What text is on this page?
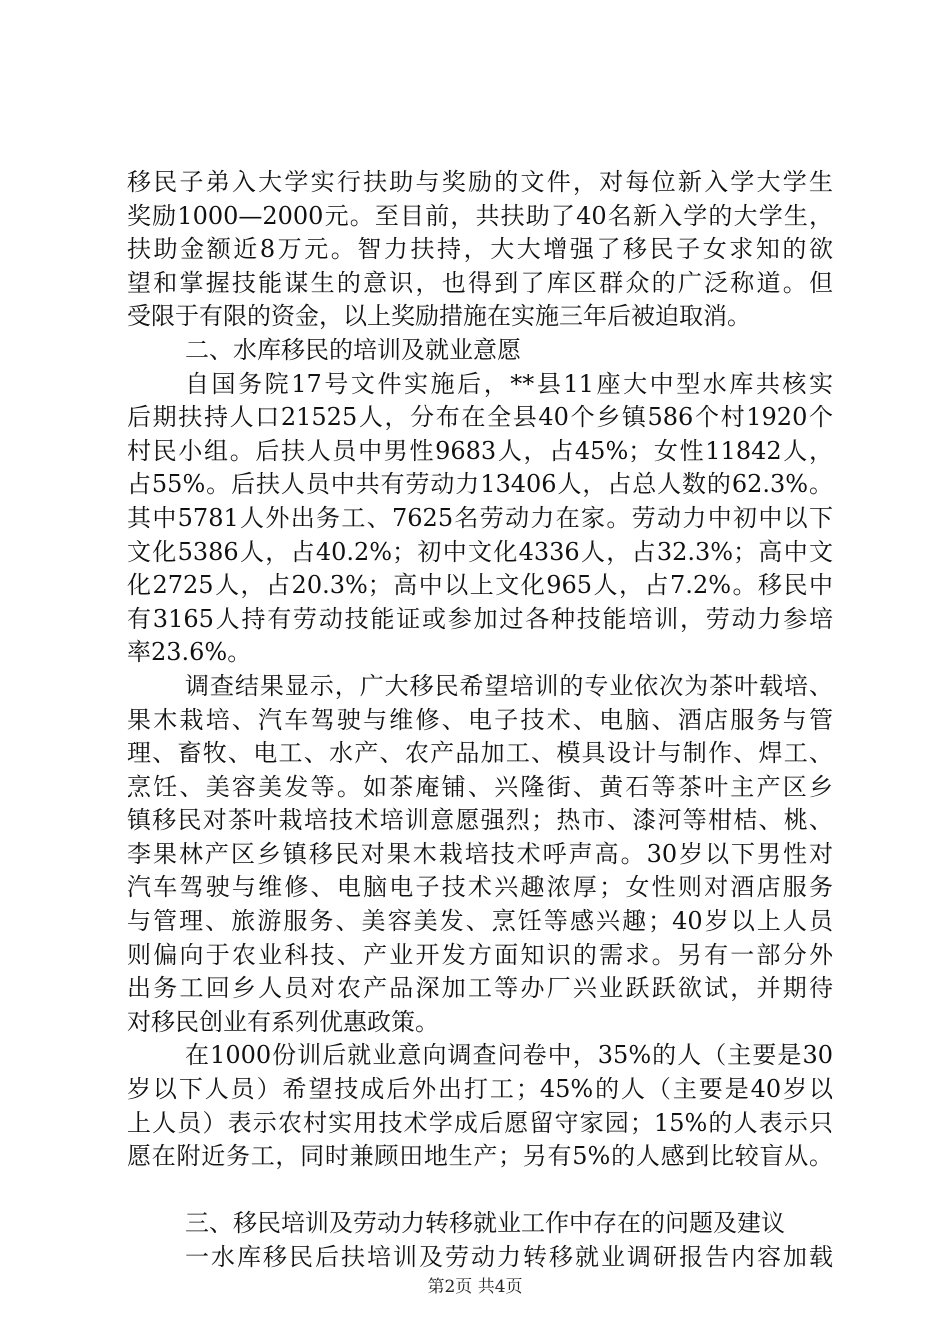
移民子弟入大学实行扶助与奖励的文件，对每位新入学大学生
奖励1000—2000元。至目前，共扶助了40名新入学的大学生，
扶助金额近8万元。智力扶持，大大增强了移民子女求知的欲
望和掌握技能谋生的意识，也得到了库区群众的广泛称道。但
受限于有限的资金，以上奖励措施在实施三年后被迫取消。
二、水库移民的培训及就业意愿
自国务院17号文件实施后，**县11座大中型水库共核实
后期扶持人口21525人，分布在全县40个乡镇586个村1920个
村民小组。后扶人员中男性9683人，占45%；女性11842人，
占55%。后扶人员中共有劳动力13406人，占总人数的62.3%。
其中5781人外出务工、7625名劳动力在家。劳动力中初中以下
文化5386人，占40.2%；初中文化4336人，占32.3%；高中文
化2725人，占20.3%；高中以上文化965人，占7.2%。移民中
有3165人持有劳动技能证或参加过各种技能培训，劳动力参培
率23.6%。
调查结果显示，广大移民希望培训的专业依次为茶叶载培、
果木栽培、汽车驾驶与维修、电子技术、电脑、酒店服务与管
理、畜牧、电工、水产、农产品加工、模具设计与制作、焊工、
烹饪、美容美发等。如茶庵铺、兴隆街、黄石等茶叶主产区乡
镇移民对茶叶栽培技术培训意愿强烈；热市、漆河等柑桔、桃、
李果林产区乡镇移民对果木栽培技术呼声高。30岁以下男性对
汽车驾驶与维修、电脑电子技术兴趣浓厚；女性则对酒店服务
与管理、旅游服务、美容美发、烹饪等感兴趣；40岁以上人员
则偏向于农业科技、产业开发方面知识的需求。另有一部分外
出务工回乡人员对农产品深加工等办厂兴业跃跃欲试，并期待
对移民创业有系列优惠政策。
在1000份训后就业意向调查问卷中，35%的人（主要是30
岁以下人员）希望技成后外出打工；45%的人（主要是40岁以
上人员）表示农村实用技术学成后愿留守家园；15%的人表示只
愿在附近务工，同时兼顾田地生产；另有5%的人感到比较盲从。
三、移民培训及劳动力转移就业工作中存在的问题及建议
一水库移民后扶培训及劳动力转移就业调研报告内容加载
第2页 共4页
